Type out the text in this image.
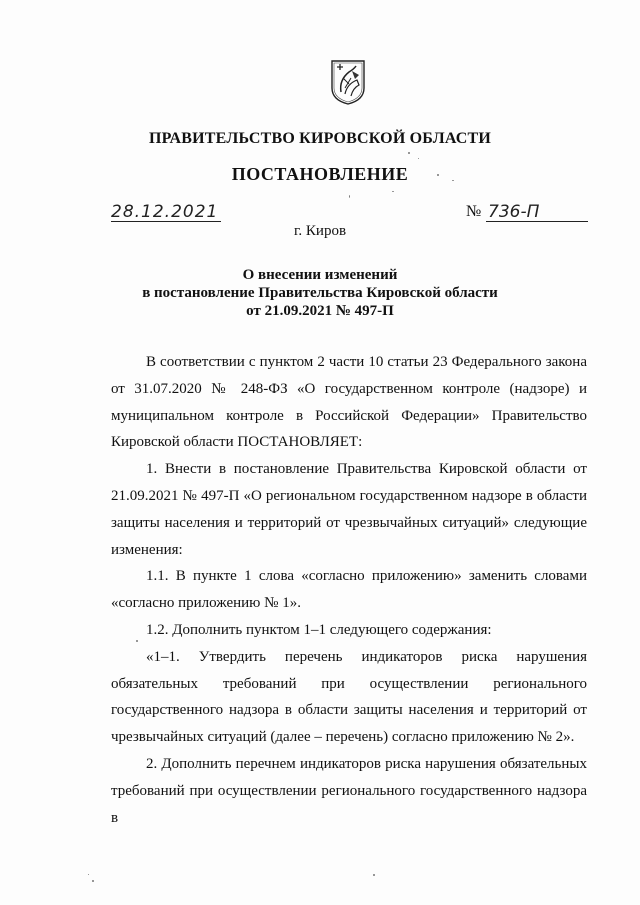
ПРАВИТЕЛЬСТВО КИРОВСКОЙ ОБЛАСТИ
ПОСТАНОВЛЕНИЕ
28.12.2021	№ 736-П
г. Киров
О внесении изменений
в постановление Правительства Кировской области
от 21.09.2021 № 497-П

В соответствии с пунктом 2 части 10 статьи 23 Федерального закона от 31.07.2020 № 248-ФЗ «О государственном контроле (надзоре) и муниципальном контроле в Российской Федерации» Правительство Кировской области ПОСТАНОВЛЯЕТ:

1. Внести в постановление Правительства Кировской области от 21.09.2021 № 497-П «О региональном государственном надзоре в области защиты населения и территорий от чрезвычайных ситуаций» следующие изменения:

1.1. В пункте 1 слова «согласно приложению» заменить словами «согласно приложению № 1».

1.2. Дополнить пунктом 1–1 следующего содержания:

«1–1. Утвердить перечень индикаторов риска нарушения обязательных требований при осуществлении регионального государственного надзора в области защиты населения и территорий от чрезвычайных ситуаций (далее – перечень) согласно приложению № 2».

2. Дополнить перечнем индикаторов риска нарушения обязательных требований при осуществлении регионального государственного надзора в
